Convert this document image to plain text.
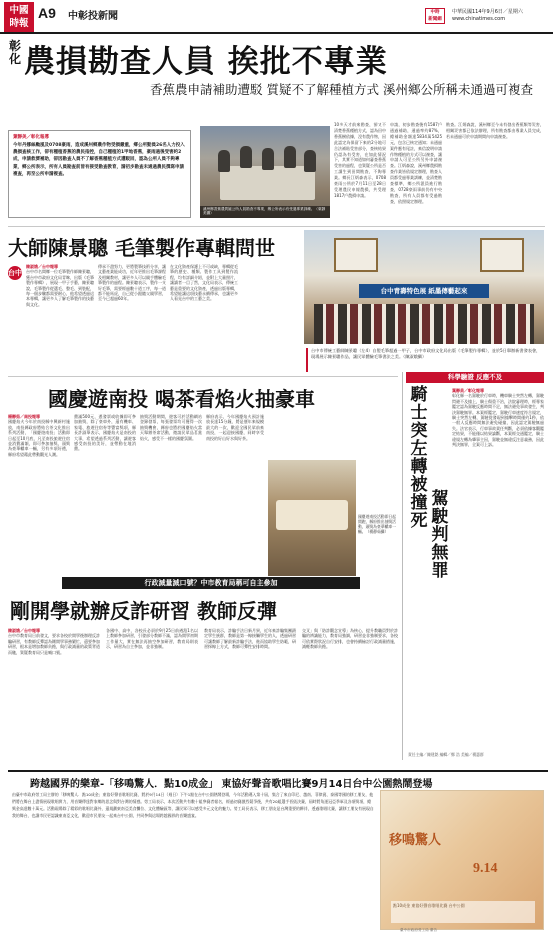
中國
時報
A9 中彰投新聞	中時
新聞網
中華民國114年9月6日／星期六
www.chinatimes.com
彰化 農損勘查人員 挨批不專業
香蕉農申請補助遭駁 質疑不了解種植方式 溪州鄉公所稱未通過可複查
葉靜美／彰化報導
今年丹娜絲颱風及0708豪雨，造成溪州鄉農作物受損嚴重，鄉公所動員26名人力投入農損查核工作，卻有種植香蕉的農民指控，自己種植的1甲地香蕉，豪雨過後受害約2成，申請救濟補助，卻因勘查人員不了解香蕉種植方式遭駁回，認為公所人員不夠專業，鄉公所表示，所有人員勘查前皆有接受勘查教育，請初步勘查未通過農民撰寫申請複查，再至公所申請複查。
溪州鄉香蕉農質疑公所人員勘查不專業，鄉公所表示有受過專業訓練。（葉靜美攝）
10多天才前來勘查，卻又不清楚香蕉種植方式，認為田中香蕉樹依據，沒有農作物，因此認定為保留下來的2分地可合法補貼受害部分，查核結果仍認為有受害，在如此情況下，其實不知道如何審查香蕉受害的過程，也質疑公所是否工讀生到田間勘查，不夠專業。鄉長江炳森表示，0708豪雨公所於7月11日至28日受理農民申報農損，共受理1817戶農損申請。
申請，初步勘查後有1587戶通過補助，通過率約87%，總補助金額達5834萬5425元，包含已核定通知；未通過案件應有尾註，來信說明申請作物種植的方式可以複查，讓申請人可至公所另外申請複查。江炳森說，溪州鄉農損勘查作業皆依規定辦理，勘查人員都受過專業訓練，並清楚勘查標準，鄉公所派員進行勘查，0728豪雨事前仍有中央勘查，所有人員都有受過勘查，依照規定辦理。
勘查。江炳森說，溪州鄉至今未有發出香蕉類等災害，相關災害都已依法辦理，所有勘查都由專業人員完成，若未通過可於申請期間內申請複查。
大師陳景聰 毛筆製作專輯問世
台中
陳淑娥／台中報導
台中市名間鄉一位毛筆製作師陳景聰，獲台中市政府文化局青睞，出版《毛筆製作專輯》，展現一甲子手藝，陳景聰說，毛筆製作從選毛、整毛、到裝配，每一個步驟都需要耐心，他希望透過這本專輯，讓更多人了解毛筆製作的技藝與文化。
傳承不盡努力，更將製筆技術分享，讓文藝產業能成功，近年更推出毛筆課程及相關教材，讓更多人可以親手體驗毛筆製作的過程。陳景聰表示，製作一支好毛筆，需要經過數十道工序，每一道都不能馬虎，自己從小跟隨父親學習，至今已超過60年。
在文化資產保護上不可或缺，專輯從毛筆的歷史、種類、製作工具到製作流程，均有詳細介紹，並附上大量照片，讓讀者一目了然，文化局表示，傳統工藝是重要的文化資產，透過出版專輯，希望能讓這項技藝永續傳承，也讓更多人看見台中的工藝之美。
台中青壽特色展 紙墨傳藝起來
台中市傳統工藝師陳景聰（左4）自製毛筆超過一甲子，台中市政府文化局出版《毛筆製作專輯》，並於5日舉辦新書發表會，現場展示陳景聰作品，讓民眾體驗毛筆書法之美。（陳淑娥攝）
國慶遊南投 喝茶看焰火抽豪車
楊靜茹／南投報導
國慶焰火今年於南投縣中興新村施放，南投縣政府將結合茶文化推出系列活動，「國慶遊南投」活動即日起至10月底，凡至南投旅遊住宿並消費滿額，即可參加抽獎，頭獎為豪華轎車一輛，另有多項好禮，縣府希望藉此帶動觀光人潮。
費滿500元，憑發票或收據即可參加抽獎，除了豪車外，還有機車、家電、旅遊住宿券等豐富獎項，縣長許淑華表示，國慶焰火是南投的大事，希望透過系列活動，讓遊客感受南投的美好，並帶動在地消費。
抽獎活動期間，遊客可於活動網站登錄發票，每張發票均可獲得一次抽獎機會，縣府也將於國慶焰火當天舉辦茶席活動，邀請民眾品茗賞焰火，感受不一樣的國慶氛圍。
縣府表示，今年國慶焰火預計施放長達15分鐘，將是歷年來規模最大的一次，歡迎全國民眾前來南投，一起迎接國慶，同時享受南投的好山好水與好茶。
國慶遊南投活動即日起開跑，縣府推出抽獎活動，頭獎為豪華轎車一輛。（楊靜茹攝）
行政減量減口號？中市教育局稱可自主參加
剛開學就辦反詐研習 教師反彈
陳淑娥／台中報導
台中市教育局日前發文，要求各校於開學後辦理反詐騙研習，有教師反彈認為剛開學事務繁忙，還要參加研習，根本是增加教師負擔，與行政減量的政策背道而馳，質疑教育局只是喊口號。
各國中、高中，各校長必須於9月25日前遴派1名以上教師參加研習，引發部分教師不滿，認為開學初期工作量大，實在無法再抽空參加研習，教育局則表示，研習為自主參加，並非強制。
教育局表示，詐騙手法日新月異，近年來詐騙集團鎖定學生族群，教師是第一線接觸學生的人，透過研習可讓教師了解最新詐騙手法，進而協助學生防範，研習採線上方式，教師可彈性安排時間。
交叉」與「防詐觀念宣導」為核心，提升教職員對於詐騙的辨識能力，教育局強調，研習並非強制要求，各校可依實際狀況自行安排，也會持續檢討行政減量措施，減輕教師負擔。
科學驗證 反應不及
騎士突左轉被撞死
駕駛判無罪
葉靜美／彰化報導
彰化縣一名駕駛於行車時，機車騎士突然左轉，駕駛閃避不及撞上，騎士傷重不治，法院審理時，經專家鑑定認為駕駛反應時間不足，無法避免事故發生，判決駕駛無罪。本案經鑑定，駕駛行車速度符合規定，騎士突然左轉，駕駛從發現到撞擊時間僅約1秒，依一般人反應時間無法避免碰撞，因此認定駕駛無過失。法官表示，行車事故責任判斷，必須依據客觀鑑定結果，不能僅以結果論斷，本案經交通鑑定，騎士違規左轉為肇事主因，駕駛並無違反注意義務，因此判決無罪，全案可上訴。
責任主編／陳建銘 編輯／鄭 浩 美編／楊惠群
跨越國界的樂章-「移鳴驚人．點10成金」 東協好聲音歌唱比賽9月14日台中公園熱鬧登場
由臺中市政府勞工局主辦的「移鳴驚人．點10成金」東協好聲音歌唱比賽，將於9月14日（週日）下午1點在台中公園熱鬧登場，今年活動邁入第十屆，集合了來自印尼、越南、菲律賓、泰國等國的移工朋友，他們將在舞台上盡情展現歌唱實力，用音樂傳達對家鄉的思念與對台灣的情感。勞工局表示，本次活動共有數十組參賽者報名，經過初賽激烈競爭後，共有20組選手晉級決賽，屆時將角逐冠亞季軍及各項獎項，總獎金高達數十萬元。活動現場除了精彩的歌唱比賽外，還規劃東南亞美食攤位、文化體驗區等，讓民眾可以感受多元文化的魅力。勞工局長表示，移工朋友是台灣重要的夥伴，透過歌唱比賽，讓移工朋友有展現自我的舞台，也讓市民更認識東南亞文化，歡迎市民朋友一起來台中公園，共同參與這場跨越國界的音樂盛宴。
移鳴驚人
9.14
點10成金 東協好聲音歌唱比賽 台中公園
臺中市政府勞工局 廣告
